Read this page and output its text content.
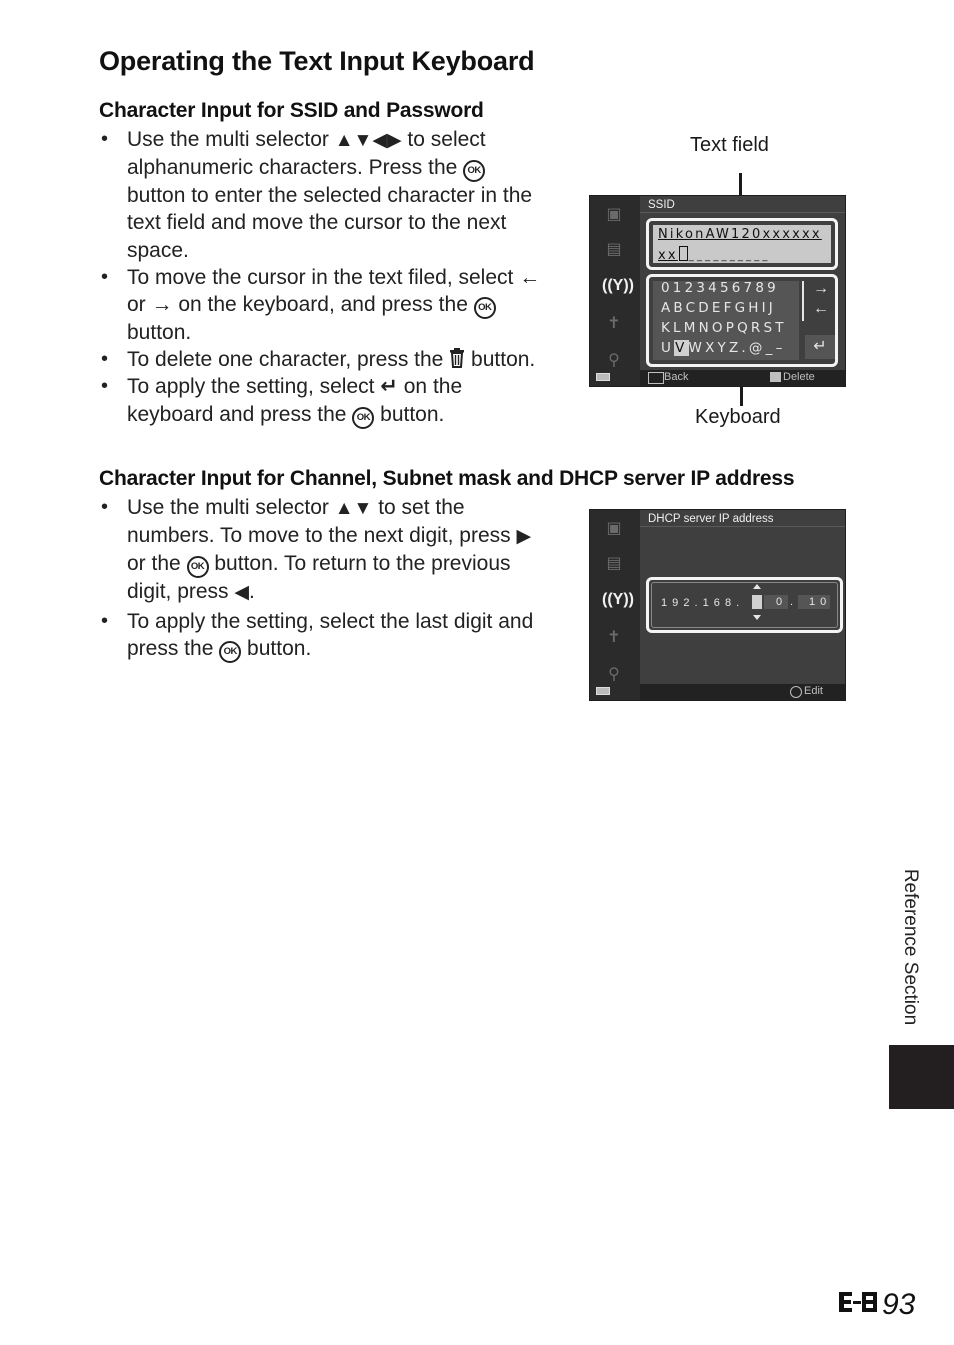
Operating the Text Input Keyboard
Character Input for SSID and Password
• Use the multi selector ▲▼◀▶ to select
alphanumeric characters. Press the OK
button to enter the selected character in the
text field and move the cursor to the next
space.
• To move the cursor in the text filed, select ←
or → on the keyboard, and press the OK
button.
• To delete one character, press the  button.
• To apply the setting, select ↵ on the
keyboard and press the OK button.
Text field
Keyboard
▣
▤
((Y))
✝
⚲
SSID
NikonAW120xxxxxx
xx _ _ _ _ _ _ _ _ _ _
0123456789
ABCDEFGHIJ
KLMNOPQRST
UVWXYZ.@_–
→
←
↵
Back	Delete
Character Input for Channel, Subnet mask and DHCP server IP address
• Use the multi selector ▲▼ to set the
numbers. To move to the next digit, press ▶
or the OK button. To return to the previous
digit, press ◀.
• To apply the setting, select the last digit and
press the OK button.
▣
▤
((Y))
✝
⚲
DHCP server IP address
1 9 2 . 1 6 8 .	0 . 1 0
Edit
Reference Section
93
